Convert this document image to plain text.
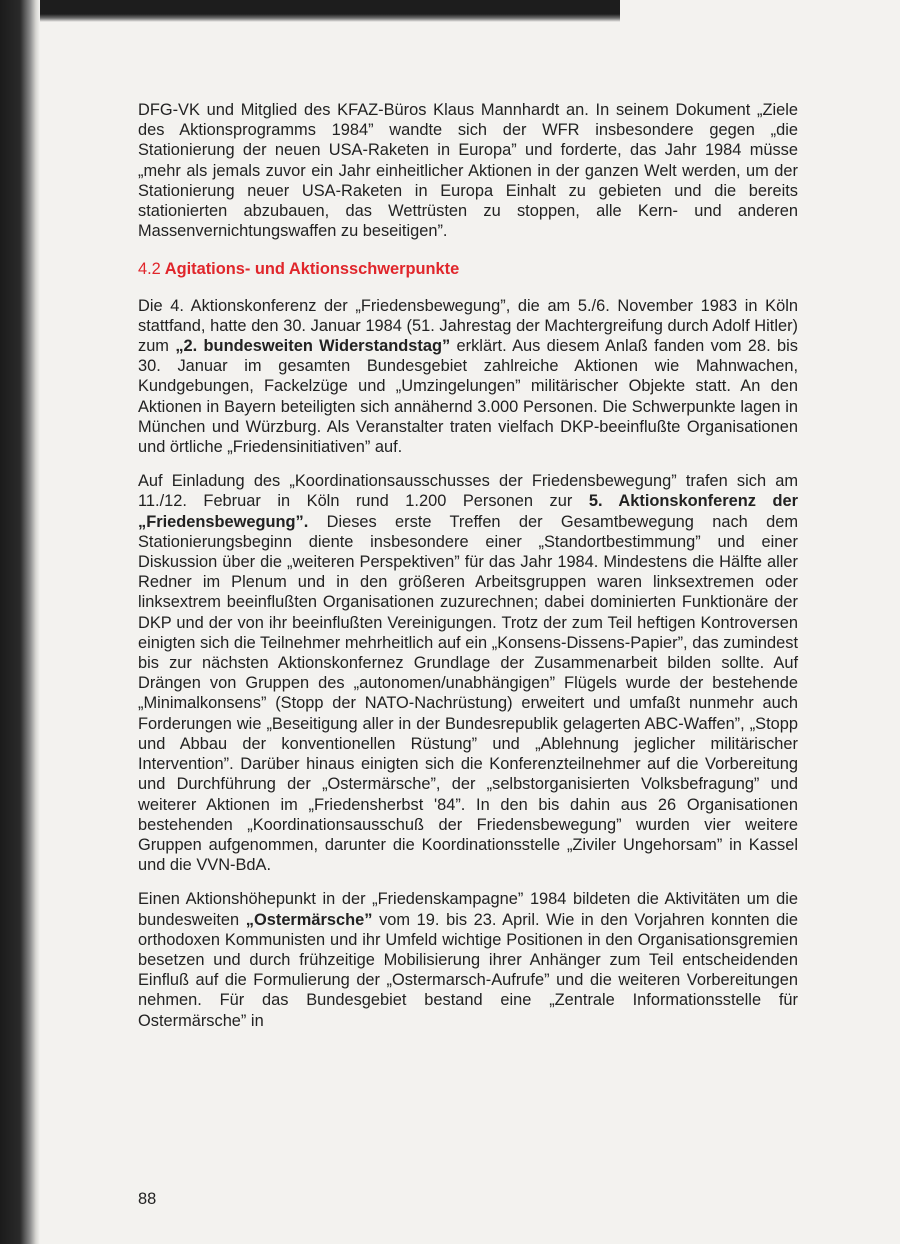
DFG-VK und Mitglied des KFAZ-Büros Klaus Mannhardt an. In seinem Dokument „Ziele des Aktionsprogramms 1984” wandte sich der WFR insbesondere gegen „die Stationierung der neuen USA-Raketen in Europa” und forderte, das Jahr 1984 müsse „mehr als jemals zuvor ein Jahr einheitlicher Aktionen in der ganzen Welt werden, um der Stationierung neuer USA-Raketen in Europa Einhalt zu gebieten und die bereits stationierten abzubauen, das Wettrüsten zu stoppen, alle Kern- und anderen Massenvernichtungswaffen zu beseitigen”.

4.2 Agitations- und Aktionsschwerpunkte

Die 4. Aktionskonferenz der „Friedensbewegung”, die am 5./6. November 1983 in Köln stattfand, hatte den 30. Januar 1984 (51. Jahrestag der Machtergreifung durch Adolf Hitler) zum „2. bundesweiten Widerstandstag” erklärt. Aus diesem Anlaß fanden vom 28. bis 30. Januar im gesamten Bundesgebiet zahlreiche Aktionen wie Mahnwachen, Kundgebungen, Fackelzüge und „Umzingelungen” militärischer Objekte statt. An den Aktionen in Bayern beteiligten sich annähernd 3.000 Personen. Die Schwerpunkte lagen in München und Würzburg. Als Veranstalter traten vielfach DKP-beeinflußte Organisationen und örtliche „Friedensinitiativen” auf.

Auf Einladung des „Koordinationsausschusses der Friedensbewegung” trafen sich am 11./12. Februar in Köln rund 1.200 Personen zur 5. Aktionskonferenz der „Friedensbewegung”. Dieses erste Treffen der Gesamtbewegung nach dem Stationierungsbeginn diente insbesondere einer „Standortbestimmung” und einer Diskussion über die „weiteren Perspektiven” für das Jahr 1984. Mindestens die Hälfte aller Redner im Plenum und in den größeren Arbeitsgruppen waren linksextremen oder linksextrem beeinflußten Organisationen zuzurechnen; dabei dominierten Funktionäre der DKP und der von ihr beeinflußten Vereinigungen. Trotz der zum Teil heftigen Kontroversen einigten sich die Teilnehmer mehrheitlich auf ein „Konsens-Dissens-Papier”, das zumindest bis zur nächsten Aktionskonfernez Grundlage der Zusammenarbeit bilden sollte. Auf Drängen von Gruppen des „autonomen/unabhängigen” Flügels wurde der bestehende „Minimalkonsens” (Stopp der NATO-Nachrüstung) erweitert und umfaßt nunmehr auch Forderungen wie „Beseitigung aller in der Bundesrepublik gelagerten ABC-Waffen”, „Stopp und Abbau der konventionellen Rüstung” und „Ablehnung jeglicher militärischer Intervention”. Darüber hinaus einigten sich die Konferenzteilnehmer auf die Vorbereitung und Durchführung der „Ostermärsche”, der „selbstorganisierten Volksbefragung” und weiterer Aktionen im „Friedensherbst '84”. In den bis dahin aus 26 Organisationen bestehenden „Koordinationsausschuß der Friedensbewegung” wurden vier weitere Gruppen aufgenommen, darunter die Koordinationsstelle „Ziviler Ungehorsam” in Kassel und die VVN-BdA.

Einen Aktionshöhepunkt in der „Friedenskampagne” 1984 bildeten die Aktivitäten um die bundesweiten „Ostermärsche” vom 19. bis 23. April. Wie in den Vorjahren konnten die orthodoxen Kommunisten und ihr Umfeld wichtige Positionen in den Organisationsgremien besetzen und durch frühzeitige Mobilisierung ihrer Anhänger zum Teil entscheidenden Einfluß auf die Formulierung der „Ostermarsch-Aufrufe” und die weiteren Vorbereitungen nehmen. Für das Bundesgebiet bestand eine „Zentrale Informationsstelle für Ostermärsche” in

88
